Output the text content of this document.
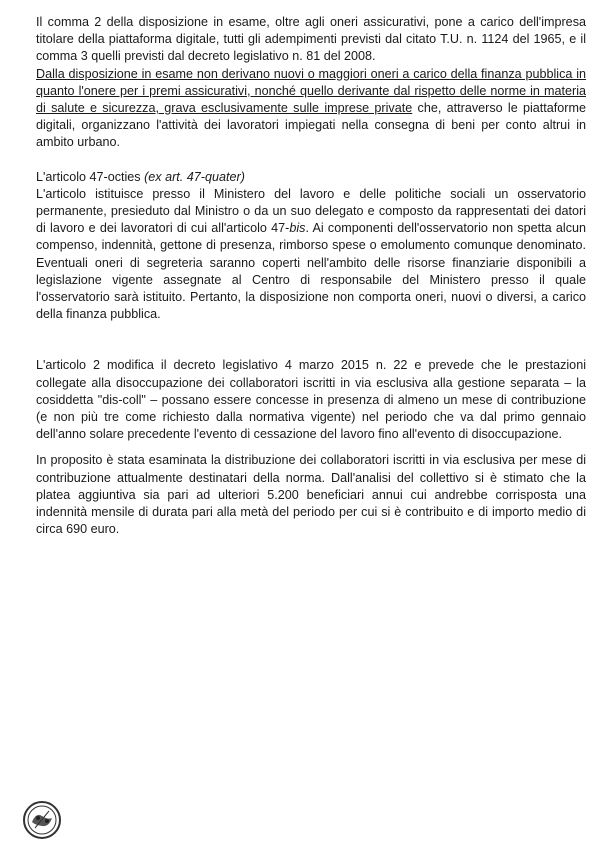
Il comma 2 della disposizione in esame, oltre agli oneri assicurativi, pone a carico dell'impresa titolare della piattaforma digitale, tutti gli adempimenti previsti dal citato T.U. n. 1124 del 1965, e il comma 3 quelli previsti dal decreto legislativo n. 81 del 2008.

Dalla disposizione in esame non derivano nuovi o maggiori oneri a carico della finanza pubblica in quanto l'onere per i premi assicurativi, nonché quello derivante dal rispetto delle norme in materia di salute e sicurezza, grava esclusivamente sulle imprese private che, attraverso le piattaforme digitali, organizzano l'attività dei lavoratori impiegati nella consegna di beni per conto altrui in ambito urbano.

L'articolo 47-octies (ex art. 47-quater)

L'articolo istituisce presso il Ministero del lavoro e delle politiche sociali un osservatorio permanente, presieduto dal Ministro o da un suo delegato e composto da rappresentati dei datori di lavoro e dei lavoratori di cui all'articolo 47-bis. Ai componenti dell'osservatorio non spetta alcun compenso, indennità, gettone di presenza, rimborso spese o emolumento comunque denominato. Eventuali oneri di segreteria saranno coperti nell'ambito delle risorse finanziarie disponibili a legislazione vigente assegnate al Centro di responsabile del Ministero presso il quale l'osservatorio sarà istituito. Pertanto, la disposizione non comporta oneri, nuovi o diversi, a carico della finanza pubblica.

L'articolo 2 modifica il decreto legislativo 4 marzo 2015 n. 22 e prevede che le prestazioni collegate alla disoccupazione dei collaboratori iscritti in via esclusiva alla gestione separata – la cosiddetta "dis-coll" – possano essere concesse in presenza di almeno un mese di contribuzione (e non più tre come richiesto dalla normativa vigente) nel periodo che va dal primo gennaio dell'anno solare precedente l'evento di cessazione del lavoro fino all'evento di disoccupazione.

In proposito è stata esaminata la distribuzione dei collaboratori iscritti in via esclusiva per mese di contribuzione attualmente destinatari della norma. Dall'analisi del collettivo si è stimato che la platea aggiuntiva sia pari ad ulteriori 5.200 beneficiari annui cui andrebbe corrisposta una indennità mensile di durata pari alla metà del periodo per cui si è contribuito e di importo medio di circa 690 euro.
